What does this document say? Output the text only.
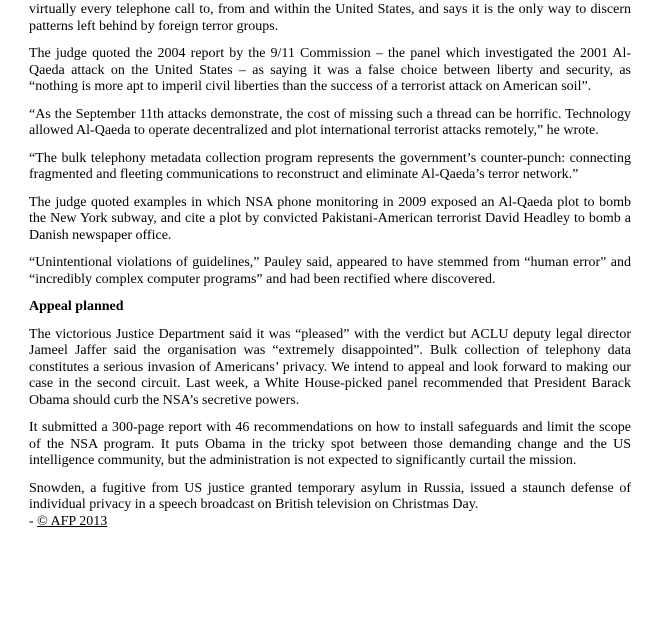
virtually every telephone call to, from and within the United States, and says it is the only way to discern patterns left behind by foreign terror groups.

The judge quoted the 2004 report by the 9/11 Commission – the panel which investigated the 2001 Al-Qaeda attack on the United States – as saying it was a false choice between liberty and security, as “nothing is more apt to imperil civil liberties than the success of a terrorist attack on American soil”.

“As the September 11th attacks demonstrate, the cost of missing such a thread can be horrific. Technology allowed Al-Qaeda to operate decentralized and plot international terrorist attacks remotely,” he wrote.

“The bulk telephony metadata collection program represents the government’s counter-punch: connecting fragmented and fleeting communications to reconstruct and eliminate Al-Qaeda’s terror network.”

The judge quoted examples in which NSA phone monitoring in 2009 exposed an Al-Qaeda plot to bomb the New York subway, and cite a plot by convicted Pakistani-American terrorist David Headley to bomb a Danish newspaper office.

“Unintentional violations of guidelines,” Pauley said, appeared to have stemmed from “human error” and “incredibly complex computer programs” and had been rectified where discovered.

Appeal planned

The victorious Justice Department said it was “pleased” with the verdict but ACLU deputy legal director Jameel Jaffer said the organisation was “extremely disappointed”. Bulk collection of telephony data constitutes a serious invasion of Americans’ privacy. We intend to appeal and look forward to making our case in the second circuit. Last week, a White House-picked panel recommended that President Barack Obama should curb the NSA’s secretive powers.

It submitted a 300-page report with 46 recommendations on how to install safeguards and limit the scope of the NSA program. It puts Obama in the tricky spot between those demanding change and the US intelligence community, but the administration is not expected to significantly curtail the mission.

Snowden, a fugitive from US justice granted temporary asylum in Russia, issued a staunch defense of individual privacy in a speech broadcast on British television on Christmas Day.

- © AFP 2013
